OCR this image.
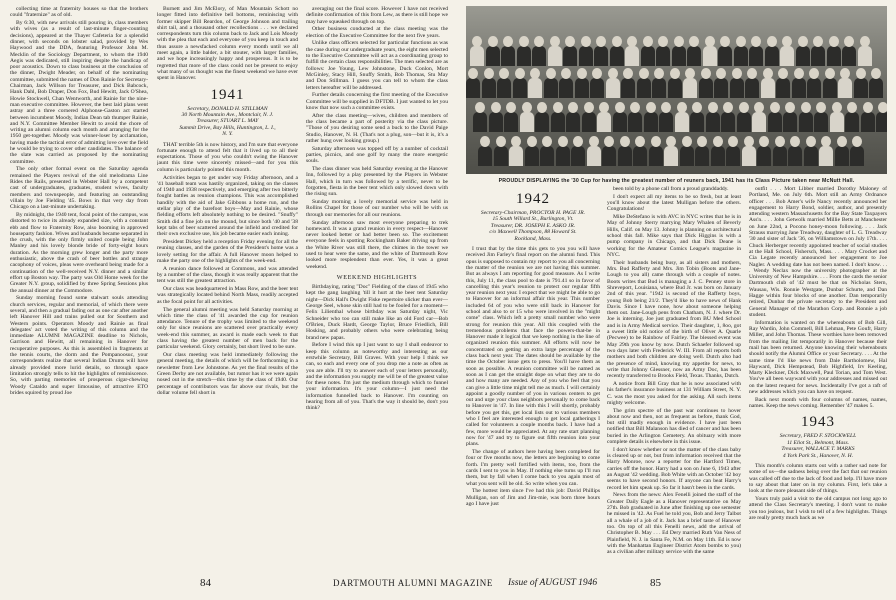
collecting time at fraternity houses so that the brothers could "fraternize" as of old.

By 6:30, with new arrivals still pouring in, class members with wives (as a result of last-minute finger-counting decisions), appeared at the Thayer Cafeteria for a splendid dinner, with seconds on lobster salad, provided by Wes Haywood and the DDA, featuring Professor John M. Mecklin of the Sociology Department, to whom the 1940 Aegis was dedicated, still inspiring despite the handicap of poor acoustics. Down to class business at the conclusion of the dinner, Dwight Meader, on behalf of the nominating committee, submitted the names of Don Rainie for Secretary-Chairman, Jack Willson for Treasurer, and Dick Babcock, Hank Dahl, Bob Draper, Don Fox, Bud Hewitt, Jack O'Shea, Howie Stockwell, Chan Wentworth, and Rainie for the nine-man executive committee. However, the best laid plans went astray and a three cornered Alphonse-Gaston act started between incumbent Moody, Indian Dean tab thumper Rainie, and N.Y. Committee Member Hewitt to avoid the chore of writing an alumni column each month and arranging for the 1950 get-together. Moody was winner-loser by acclamation, having made the tactical error of admitting love over the field he would be trying to cover other candidates. The balance of the slate was carried as proposed by the nominating committee.

The only other formal event on the Saturday agenda remained the Players revival of the old melodrama Line Rides the Rails, presented in Webster Hall by a competent cast of undergraduates, graduates, student wives, faculty members and townspeople, and featuring an outstanding villain by Joe Fielding '45. Bows in that very day from Chicago on a last-minute undertaking.

By midnight, the 1940 tent, focal point of the campus, was distorted to twice its already expanded size, with a constant ebb and flow to Fraternity Row, also booming in approved houseparty fashion. Wives and husbands became separated in the crush, with the only firmly united couple being John Manley and his lovely blonde bride of forty-eight hours duration. As the morning grew longer and the party more enthusiastic, above the crash of beer bottles and strange cacophony of voices, pleas were overheard being made for a continuation of the well-received N.Y. dinner and a similar effort up Boston way. The party was Old Home week for the Greater N.Y. group, solidified by three Spring Sessions plus the annual dinner at the Commodore.

Sunday morning found some stalwart souls attending church services, regular and memorial, of which there were several, and then a gradual fading out as one car after another left Hanover Hill and trains pulled out for Southern and Western points. Operators Moody and Rainie as final delegates' act voted the writing of this column and the immediate ALUMNI MAGAZINE deadline to Nichols, Garrison and Hewitt, all remaining in Hanover for recuperative purposes. As this is assembled in fragments at the tennis courts, the dorm and the Pompanoosuc, your correspondents realize that several Indian Drums will have already provided more lurid details, so through space limitation strongly tells to hit the highlights of reminiscence. So, with parting memories of prosperous cigar-chewing Woody Cataldo and super limousine, of attractive ETO brides squired by proud Joe

Burnett and Jim McElory, of Man Mountain Schott no longer fitted into definitive bell bottoms, reminiscing with former skipper Bill Reardon, of George Johnson and trailing shirt tail, and a thousand other recollections . . . we declared correspondents turn this column back to Jack and Lois Moody with the plea that each and everyone of you keep in touch and thus assure a newsfacked column every month until we all meet again, a little balder, a bit stouter, with larger families, and we hope increasingly happy and prosperous. It is to be regretted that more of the class could not be present to enjoy what many of us thought was the finest weekend we have ever spent in Hanover.

1941
Secretary, DONALD H. STILLMAN
30 North Mountain Ave., Montclair, N. J.
Treasurer, STUART L. MAY
Summit Drive, Bay Hills, Huntington, L. I.,
N. Y.

THAT terrible 5th is now history, and I'm sure that everyone fortunate enough to attend felt that it lived up to all their expectations. Those of you who couldn't swing the Hanover jaunt this time were sincerely missed—and for you this column is particularly pointed this month.

Activities began to get under way Friday afternoon, and a '41 baseball team was hastily organized, taking on the classes of 1940 and 1938 respectively, and emerging after two bitterly fought battles as reunion champions. This was accomplished handily with the aid of Jake Gibbons a home run, and the stellar play of the barefoot boys—May and Rainie, whose fielding efforts left absolutely nothing to be desired. "Snuffy" Smith did a fine job on the mound, but since both '40 and '38 kept tabs of beer scattered around the infield and credited for their own exclusive use, his job became easier each inning.

President Dickey held a reception Friday evening for all the reuning classes, and the garden of the President's home was a lovely setting for the affair. A full Hanover moon helped to make the party one of the highlights of the week-end.

A reunion dance followed at Commons, and was attended by a number of the class, though it was really apparent that the tent was still the greatest attraction.

Our class was headquartered in Mass Row, and the beer tent was strategically located behind North Mass, readily accepted as the focal point for all activities.

The general alumni meeting was held Saturday morning at which time the class of '41 awarded the cup for reunion attendance. Tenure of the trophy was limited to the weekend only for since reunions are scattered over practically every week-end this summer, as award is made each week to that class having the greatest number of men back for the particular weekend. Glory certainly, but short lived to be sure.

Our class meeting was held immediately following the general meeting, the details of which will be forthcoming in a newsletter from Lew Johnstone. As yet the final results of the Green Derby are not available, but rumor has it we were again nosed out in the stretch—this time by the class of 1940. Our percentage of contributors was far above our rivals, but the dollar volume fell short in

averaging out the final score. However I have not received definite confirmation of this from Lew, as there is still hope we may have squeaked through on top.

Other business conducted at the class meeting was the election of the Executive Committee for the next five years.

Unlike class officers selected for particular functions as was the case during our undergraduate years, the eight men selected to the Executive Committee will act as a coordinating group to fulfill the certain class responsibilities. The men selected are as follows: Joe Young, Lew Johnstone, Duck Conlon, Mort McGinley, Stacy Hill, Snuffy Smith, Bob Thomas, Stu May and Don Stillman. I guess you can tell to whom the class letters hereafter will be addressed.

Further details concerning the first meeting of the Executive Committee will be supplied in DFTDB. I just wanted to let you know that now such a committee exists.

After the class meeting—wives, children and members of the class became a part of posterity via the class picture. "Those of you desiring some send a buck to the David Paige Studio, Hanover, N. H. (That's not a plug, son—but it is, it's a rather hung over looking group.)

Saturday afternoon was topped off by a number of cocktail parties, picnics, and one golf by many the more energetic souls.

The class dinner was held Saturday evening at the Hanover Inn, followed by a play presented by the Players in Webster Hall, which in turn was followed by a terrific, never to be forgotten, fiesta in the beer tent which only slowed down with the rising sun.

Sunday morning a lovely memorial service was held in Rollins Chapel for those of our number who will be with us through our memories for all our reunions.

Sunday afternoon saw most everyone preparing to trek homeward. It was a grand reunion in every respect—Hanover never looked better or had better been so. The excitement everyone feels in spotting Rockingham Baker driving up from the White River was still there, the chimes in the tower we used to hear were the same, and the white of Dartmouth Row looked more resplendent than ever. Yes, it was a great weekend.

WEEKEND HIGHLIGHTS

Birthdaying, rating "Doc" Fielding of the class of 1945 who kept the gang laughing 'till it hurt at the beer tent Saturday night—Dick Hall's Dwight Fiske repertoire slicker than ever—George Seel, whose skin still had to be fooled for a moment—Felix Lilienthal whose birthday was Saturday night, Vic Schneider who too can still make like an old Ford car—Bob O'Brien, Duck Hardt, George Taylor, Bruce Friedlich, Bill Hosking, and probably others who were celebrating being brand new papas.

Before I wind this up I just want to say I shall endeavor to keep this column as noteworthy and interesting as our erstwhile Secretary, Bill Graves. With your help I think we can, so each and every one of you drop me a note as often as you are able. I'll try to answer each of your letters personally, and the information you supply me will be of the greatest value for these notes. I'm just the medium through which to funnel your information. It's your column—I just need the information funnelled back to Hanover. I'm counting on hearing from all of you. That's the way it should be, don't you think?

PROUDLY DISPLAYING the '30 Cup for having the greatest number of reuners back, 1941 has its Class Picture taken near McNutt Hall.
1942
Secretary-Chairman, PROCTOR H. PAGE JR.
15 South Willard St., Burlington, Vt.
Treasurer, DR. JOSEPH E. ASKO JR.
c/o Maxwell Thompson, 88 Howard St.
Rockland, Mass.

I trust that by the time this gets to you you will have received Jim Farley's final report on the alumni fund. This opus is supposed to contain my report to you all concerning the matter of the reunion we are not having this summer. But as always I am reporting for good measure. As I write this, July 11, the class pool to date is 791.41 so in favor of cancelling this year's reunion to protect our regular fifth year reunion next year. I expect that we might be able to go to Hanover for an informal affair this year. This number included 64 of you who were still back in Hanover for school and also to or 15 who were involved in the "might come" class. Which left a pretty small number who were strong for reunion this year. All this coupled with the tremendous problems that face the powers-that-be in Hanover made it logical that we keep nothing in the line of organized reunion this summer. All efforts will now be concentrated on getting an extra large percentage of the class back next year. The dates should be available by the time the October issue gets to press. You'll have them as soon as possible. A reunion committee will be named as soon as I can get the straight dope on what they are to do and how many are needed. Any of you who feel that you can give a little time might tell me as much. I will certainly appoint a goodly number of you in various centers to get out and urge your class neighbors personally to come back to Hanover in '47. In line with this I will shortly, probably before you get this, get local lists out to various members who I feel are interested enough to get local gatherings I called for volunteers a couple months back. I have had a few, more would be appreciated. At any rate start planning now for '47 and try to figure out fifth reunion into your plans.

The change of authors here having been completed for four or five months now, the letters are beginning to come forth. I'm pretty well fortified with items, too, from the cards I sent to you in May. If nothing else turns up I'll run them, but by fall when I come back to you again most of what you sent will be old. So write when you can.

The hottest item since I've had this job: David Phillips Mulligan, son of Jim and Jim-mie, was born three hours ago I have just

been told by a phone call from a proud granddaddy.

I don't expect all my items to be so fresh, but at least you'll know about the latest Mulligan before the others. Congratulations!

Mike DeStefano is with AVC in NYC writes that he is in May of Johnny Sterry marrying Mary Whalen of Beverly Hills, Calif. on May 13. Johnny is planning on architectural school this fall. Mike says that Dick Higgins is with a pump company in Chicago, and that Dick Deane is working for the Amateur Comics League's magazine in NYC.

Their husbands being busy, as all sisters and mothers, Mrs. Bud Rafferty and Mrs. Jim Tobin (Boots and Jane-Lough to you all) came through with a couple of notes. Boots writes that Bud is managing a J. C. Penney store in Shreveport, Louisiana, where Bud Jr. was born on January 2nd of this year. "1942 is second of the Rafferty boys, young Bob being 21/2. They'd like to have news of Hank Davis. Since I have none, how about someone helping them out. Jane-Lough pens from Chatham, N. J. where Dr. Joe is interning. Joe just graduated from BU Med School and is in Army Medical service. Their daughter, 1, 8oo, got a sweet little old notice of the birth of Oliver A. Quarle (Pecwee) to be Rainbow of Fairley. The blessed event was May 29th you know by now. Dutch Schaefer followed up two days later with Frederick W. III. From all reports both mothers and both children are doing well. Dutch also had the presence of mind, knowing my appetite for news, to write that Johnny Glessner, now an Army Doc, has been recently transferred to Brooks Field, Texas. Thanks, Dutch.

A notice from Bill Gray that he is now associated with his father's insurance business at 131 William Street, N. Y. C. was the most you asked for the asking. All such items mighty welcome.

The grim spectre of the past war continues to hover about now and then, not as frequent as before, thank God, but still madly enough in evidence. I have just been notified that Bill Malanson has died of cancer and has been buried in the Arlington Cemetery. An obituary with more complete details is elsewhere in this issue.

I don't know whether or not the matter of the class baby is cleared up or not, but from information received that the Harry Monroe, now a reporter for the Hartford Times, carries off the honor. Harry had a son on June 6, 1943 after an August '42 wedding. Bob White with an October '42 boy seems to have second honors. If anyone can beat Harry's record let him speak up. So far it hasn't been in the cards.

News from the news: Alex Fenelli joined the staff of the Greater Daily Eagle as a Hanover representative on May 27th. Bob graduated in June after finishing up one semester he missed in '42. As Fuel he told you, Bob and Jerry Talbot all a whale of a job of it. Jack has a brief taste of Hanover too. On top of all this Fenelli news, add the arrival of Christopher B. May . . . Ed Dery married Ruth Van Ness of Plainfield, N. J. in Santa Fe, N.M. on May 11th. Ed is now with the Manhattan Engineer District Atom bombs to you) as a civilian after military service with the same

outfit . . . Mort Libber married Dorothy Maloney of Portland, Me. on July 6th. Mort still an Army Ordnance officer . . . Bob Amer's wife Nancy recently announced her engagement to Harry Bond, soldier, author, and presently attending western Massachusetts for the Bay State Taxpayers Ass'n. . . . John Getwolk married Millie Betts at Manchester on June 22nd, a Pocono honey-moon following. . . . Jack Strauss marrying Jane Treadway, daughter of L. G. Treadway '30 and sister of Jack '36, on Williamstown on July 17th. . . . Chuck Herberger recently appointed teacher of social studies at the Hall School, Fishersch, Mass. . . . Mary Crocket and Cia Legate recently announced her engagement to Joe Nagler. A wedding date has not been named. I don't know. . . . Wendy Neclax now the university photographer at the University of New Hampshire. . . . From the cards the senior Dartmouth club of '42 must be that on Nicholas Stern, Wausau, Wis. Ronnie Westgate, Dunbar Schurte, and Dan Hagge within four blocks of one another. Dan temporarily retired, Dunbar the private secretary to the President and General Manager of the Marathon Corp. and Ronnie a job student.

Information is wanted on the whereabouts of Bob Gill, Ray Wardin, John Commell, Bill Lehman, Pete Goufr, Harry Miller, and John Thomas. These worthies have been removed from the mailing list temporarily in Hanover because their mail has been returned. Anyone knowing their whereabouts should notify the Alumni Office or your Secretary. . . . At the same time I'd like news from Dale Bartholomew, Hal Hayward, Dick Hempstead, Bob Highfield, Irv Keeling, Marty Kleckner, Dick Maxwell, Paul Torian, and Tom West. You've all been wayward with your addresses and missed out on the latest request for news. Incidentally I've got a raft of new addresses which you can have on request.

Back next month with four columns of names, names, names. Keep the news coming. Remember '47 makes 5.

1943
Secretary, FRED F. STOCKWELL
11 Eliot St., Belmont, Mass.
Treasurer, WALLACE T. MARKS
4 York Park St., Hanover, N. H.

This month's column starts out with a rather sad note for some of us—the sadness being over the fact that our reunion was called off due to the lack of food and help. I'll have more to say about that later on in my column. First, let's take a look at the more pleasant side of things.

Yours truly paid a visit to the old campus not long ago to attend the Class Secretary's meeting. I don't want to make you too jealous, but I wish to tell of a few highlights. Things are really pretty much back as we

84	DARTMOUTH ALUMNI MAGAZINE Issue of AUGUST 1946	85
